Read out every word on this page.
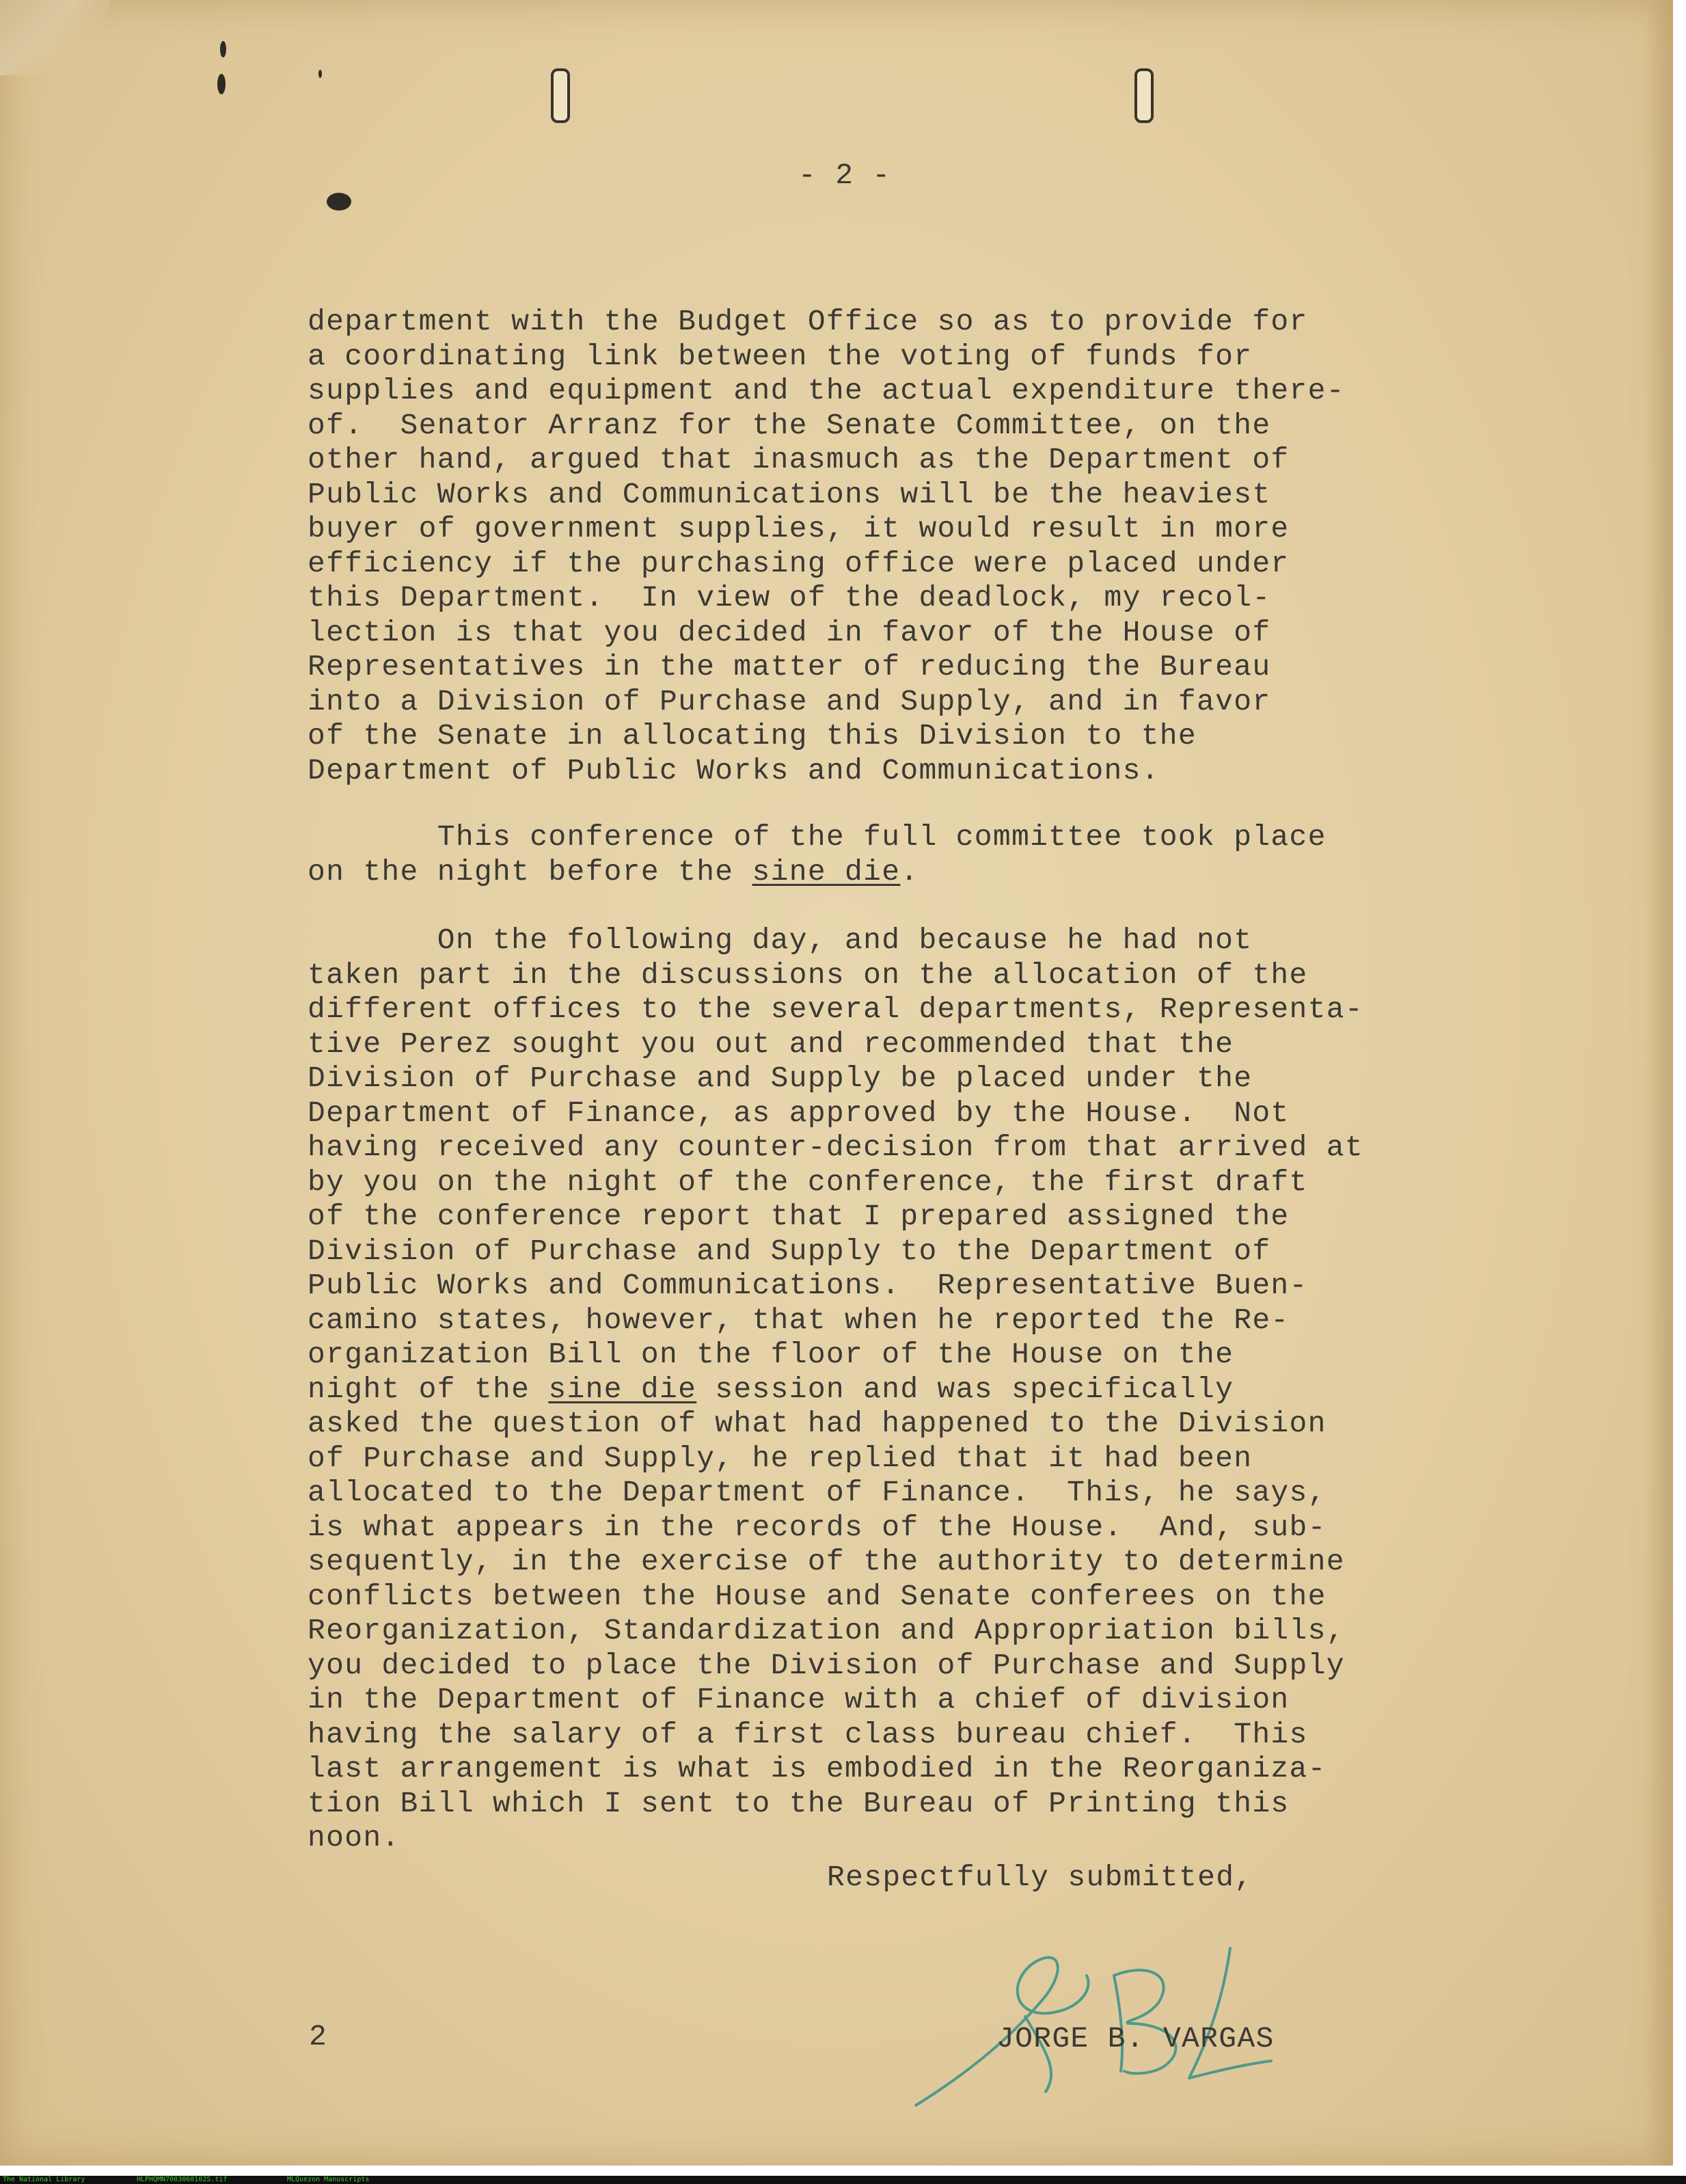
- 2 -
department with the Budget Office so as to provide for
a coordinating link between the voting of funds for
supplies and equipment and the actual expenditure there-
of.  Senator Arranz for the Senate Committee, on the
other hand, argued that inasmuch as the Department of
Public Works and Communications will be the heaviest
buyer of government supplies, it would result in more
efficiency if the purchasing office were placed under
this Department.  In view of the deadlock, my recol-
lection is that you decided in favor of the House of
Representatives in the matter of reducing the Bureau
into a Division of Purchase and Supply, and in favor
of the Senate in allocating this Division to the
Department of Public Works and Communications.
This conference of the full committee took place
on the night before the sine die.
On the following day, and because he had not
taken part in the discussions on the allocation of the
different offices to the several departments, Representa-
tive Perez sought you out and recommended that the
Division of Purchase and Supply be placed under the
Department of Finance, as approved by the House.  Not
having received any counter-decision from that arrived at
by you on the night of the conference, the first draft
of the conference report that I prepared assigned the
Division of Purchase and Supply to the Department of
Public Works and Communications.  Representative Buen-
camino states, however, that when he reported the Re-
organization Bill on the floor of the House on the
night of the sine die session and was specifically
asked the question of what had happened to the Division
of Purchase and Supply, he replied that it had been
allocated to the Department of Finance.  This, he says,
is what appears in the records of the House.  And, sub-
sequently, in the exercise of the authority to determine
conflicts between the House and Senate conferees on the
Reorganization, Standardization and Appropriation bills,
you decided to place the Division of Purchase and Supply
in the Department of Finance with a chief of division
having the salary of a first class bureau chief.  This
last arrangement is what is embodied in the Reorganiza-
tion Bill which I sent to the Bureau of Printing this
noon.
Respectfully submitted,
2	JORGE B. VARGAS
The National Library	HLPHQMN7003060102S.tif	MLQuezon Manuscripts
